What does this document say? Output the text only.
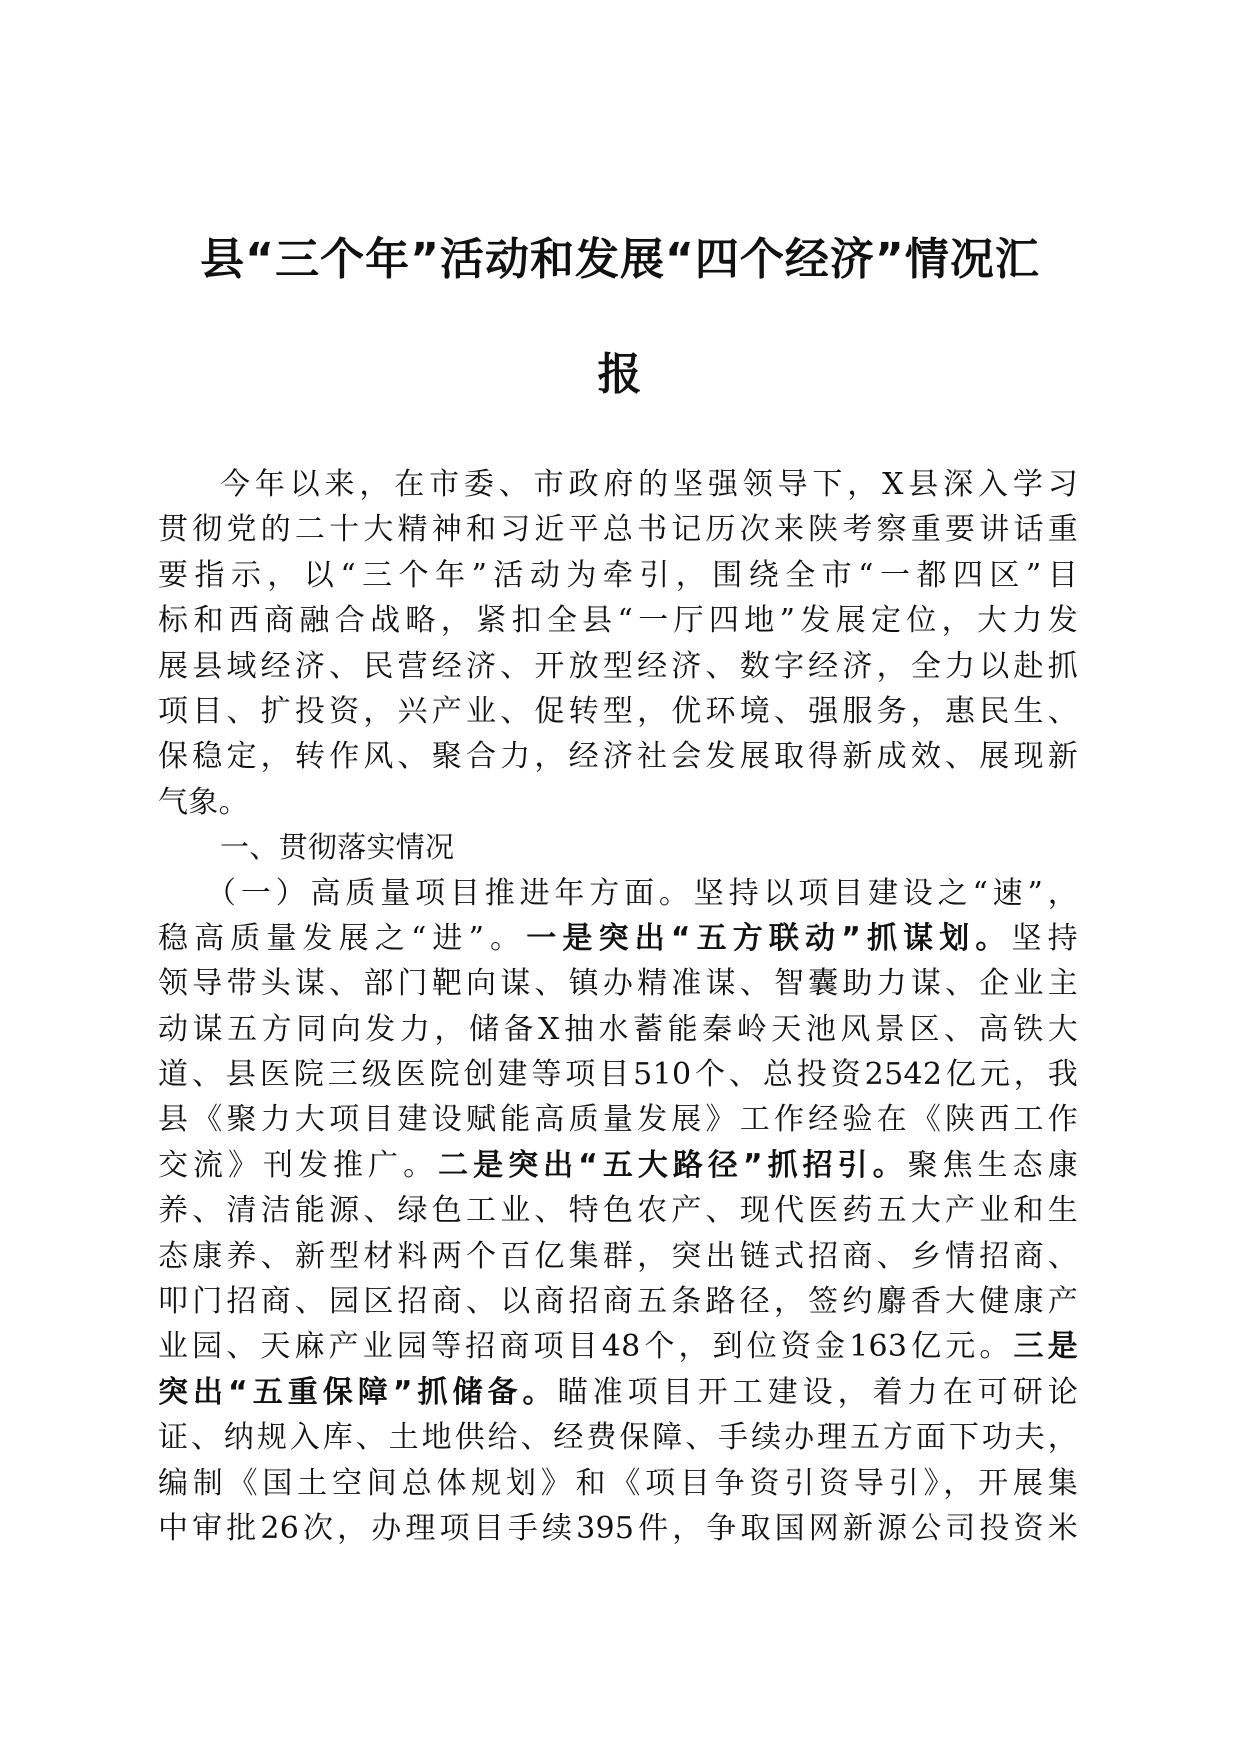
县“三个年”活动和发展“四个经济”情况汇
报
今年以来，在市委、市政府的坚强领导下，X县深入学习
贯彻党的二十大精神和习近平总书记历次来陕考察重要讲话重
要指示，以“三个年”活动为牵引，围绕全市“一都四区”目
标和西商融合战略，紧扣全县“一厅四地”发展定位，大力发
展县域经济、民营经济、开放型经济、数字经济，全力以赴抓
项目、扩投资，兴产业、促转型，优环境、强服务，惠民生、
保稳定，转作风、聚合力，经济社会发展取得新成效、展现新
气象。
一、贯彻落实情况
（一）高质量项目推进年方面。坚持以项目建设之“速”，
稳高质量发展之“进”。一是突出“五方联动”抓谋划。坚持
领导带头谋、部门靶向谋、镇办精准谋、智囊助力谋、企业主
动谋五方同向发力，储备X抽水蓄能秦岭天池风景区、高铁大
道、县医院三级医院创建等项目510个、总投资2542亿元，我
县《聚力大项目建设赋能高质量发展》工作经验在《陕西工作
交流》刊发推广。二是突出“五大路径”抓招引。聚焦生态康
养、清洁能源、绿色工业、特色农产、现代医药五大产业和生
态康养、新型材料两个百亿集群，突出链式招商、乡情招商、
叩门招商、园区招商、以商招商五条路径，签约麝香大健康产
业园、天麻产业园等招商项目48个，到位资金163亿元。三是
突出“五重保障”抓储备。瞄准项目开工建设，着力在可研论
证、纳规入库、土地供给、经费保障、手续办理五方面下功夫，
编制《国土空间总体规划》和《项目争资引资导引》，开展集
中审批26次，办理项目手续395件，争取国网新源公司投资米
